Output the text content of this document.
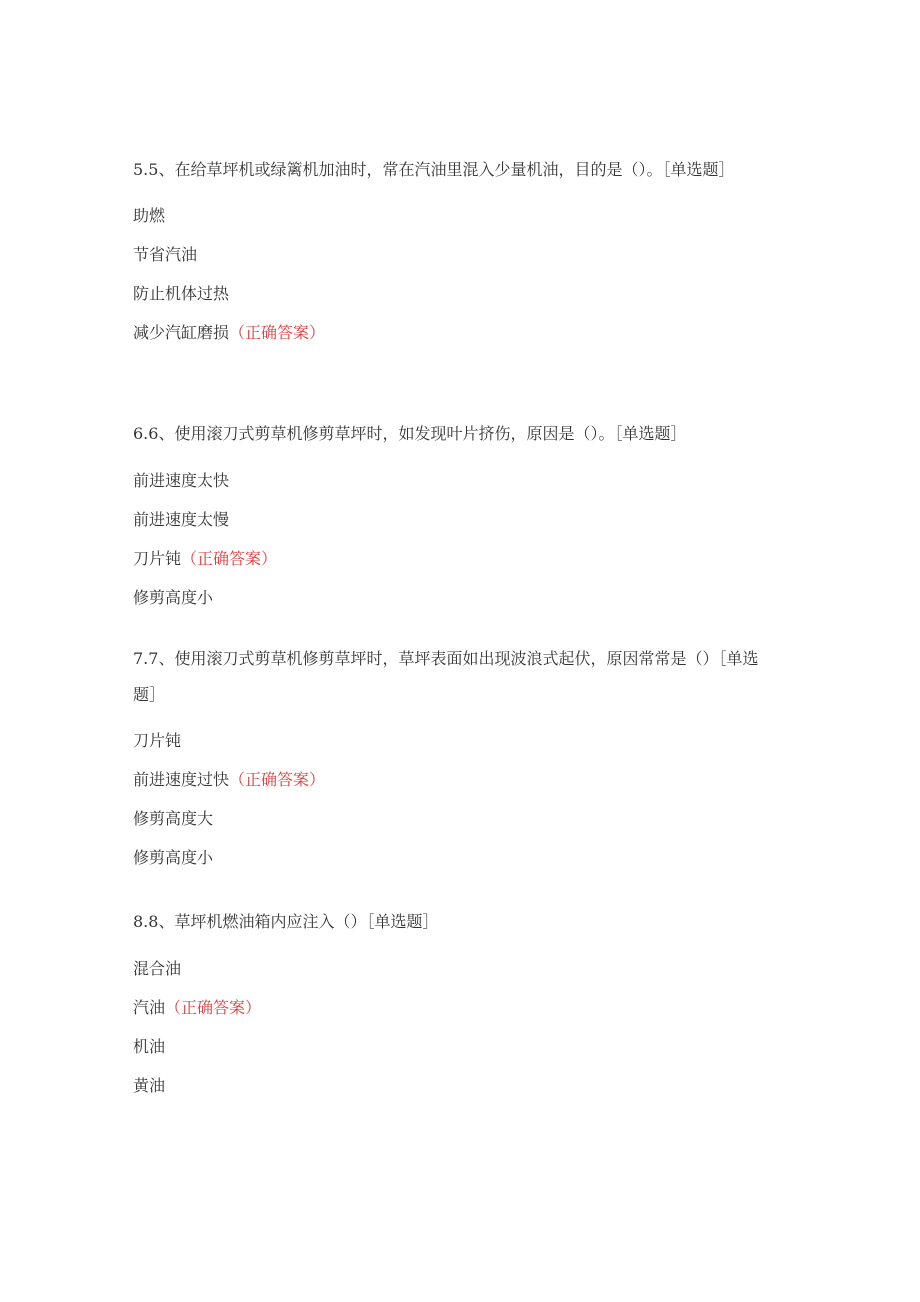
5.5、在给草坪机或绿篱机加油时，常在汽油里混入少量机油，目的是（）。［单选题］

助燃
节省汽油
防止机体过热
减少汽缸磨损（正确答案）

6.6、使用滚刀式剪草机修剪草坪时，如发现叶片挤伤，原因是（）。［单选题］

前进速度太快
前进速度太慢
刀片钝（正确答案）
修剪高度小

7.7、使用滚刀式剪草机修剪草坪时，草坪表面如出现波浪式起伏，原因常常是（）［单选题］

刀片钝
前进速度过快（正确答案）
修剪高度大
修剪高度小

8.8、草坪机燃油箱内应注入（）［单选题］

混合油
汽油（正确答案）
机油
黄油
